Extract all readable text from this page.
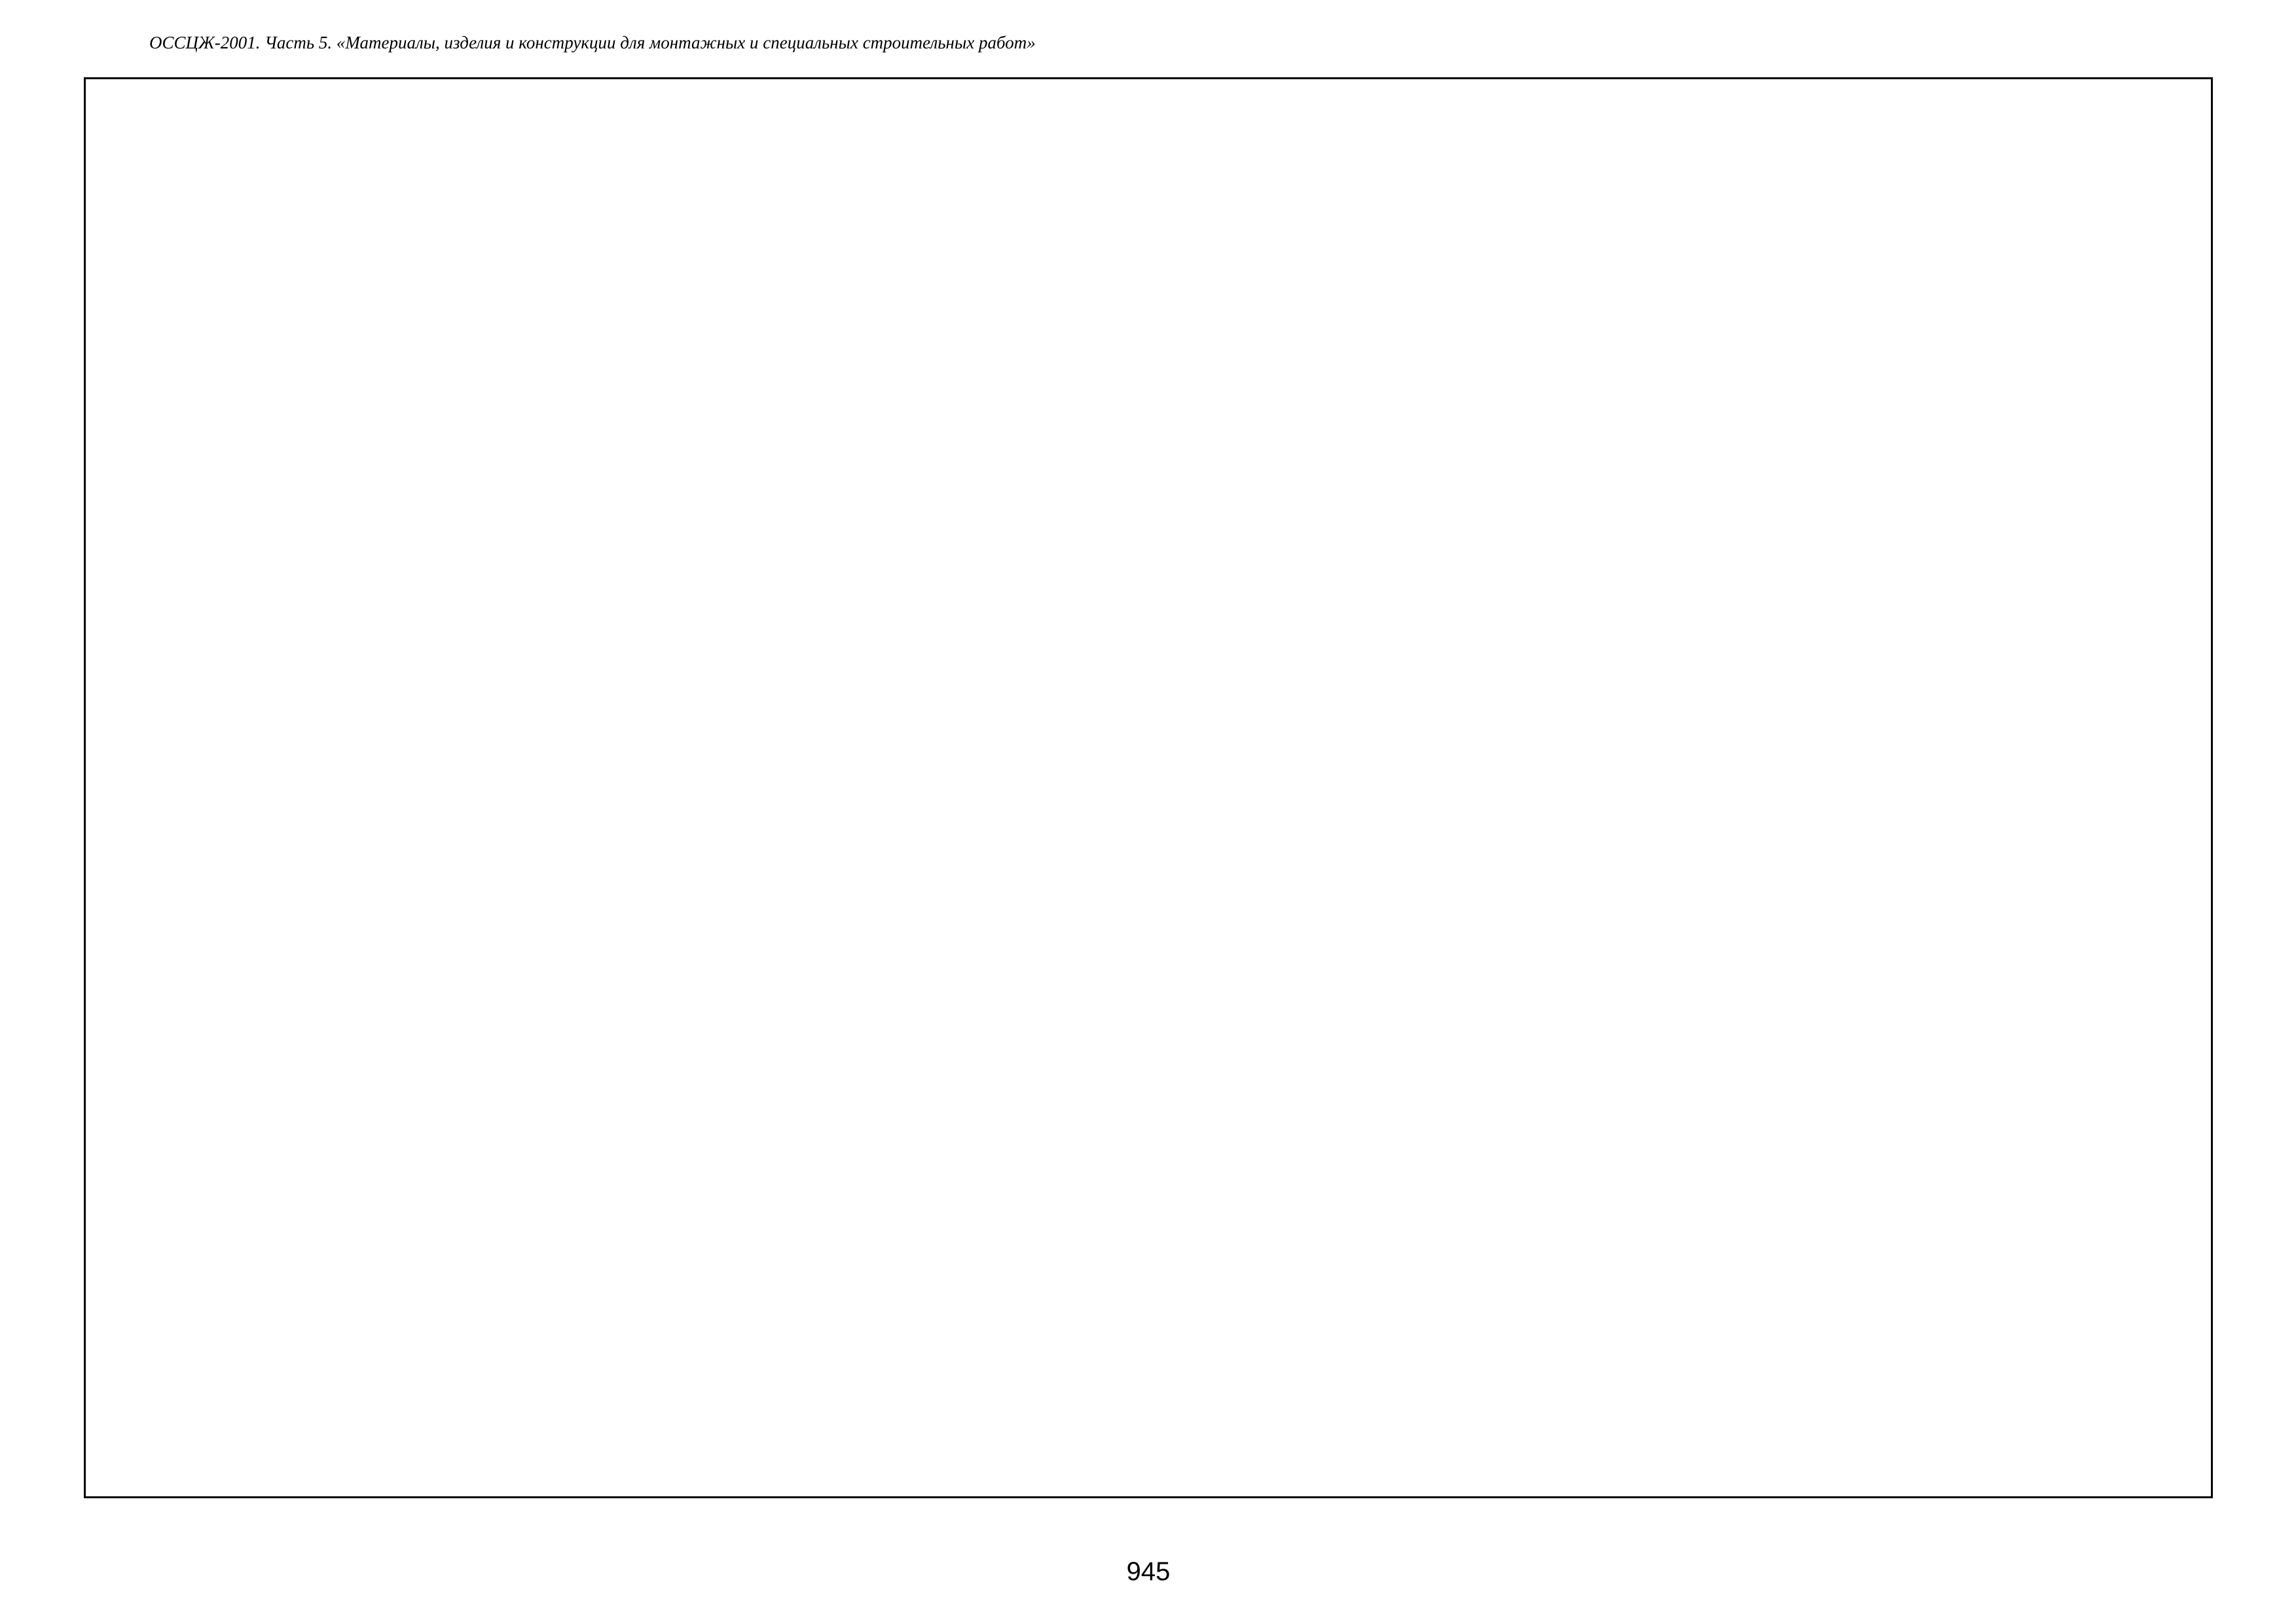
ОССЦЖ-2001. Часть 5. «Материалы, изделия и конструкции для монтажных и специальных строительных работ»
945
